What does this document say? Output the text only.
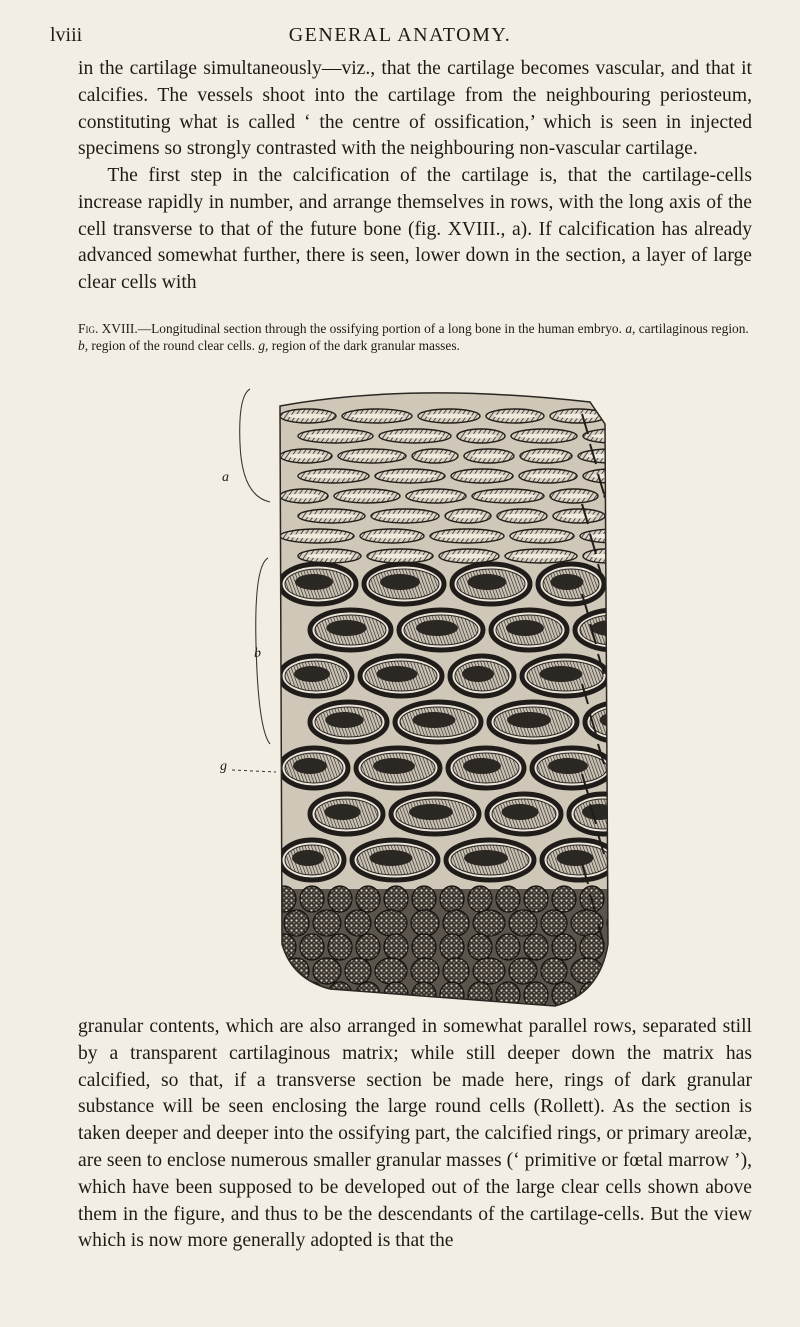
lviii	GENERAL ANATOMY.

in the cartilage simultaneously—viz., that the cartilage becomes vascular, and that it calcifies. The vessels shoot into the cartilage from the neighbouring periosteum, constituting what is called ‘ the centre of ossification,’ which is seen in injected specimens so strongly contrasted with the neighbouring non-vascular cartilage.

The first step in the calcification of the cartilage is, that the cartilage-cells increase rapidly in number, and arrange themselves in rows, with the long axis of the cell transverse to that of the future bone (fig. XVIII., a). If calcification has already advanced somewhat further, there is seen, lower down in the section, a layer of large clear cells with

Fig. XVIII.—Longitudinal section through the ossifying portion of a long bone in the human embryo. a, cartilaginous region. b, region of the round clear cells. g, region of the dark granular masses.

a
b
g

granular contents, which are also arranged in somewhat parallel rows, separated still by a transparent cartilaginous matrix; while still deeper down the matrix has calcified, so that, if a transverse section be made here, rings of dark granular substance will be seen enclosing the large round cells (Rollett). As the section is taken deeper and deeper into the ossifying part, the calcified rings, or primary areolæ, are seen to enclose numerous smaller granular masses (‘ primitive or fœtal marrow ’), which have been supposed to be developed out of the large clear cells shown above them in the figure, and thus to be the descendants of the cartilage-cells. But the view which is now more generally adopted is that the
